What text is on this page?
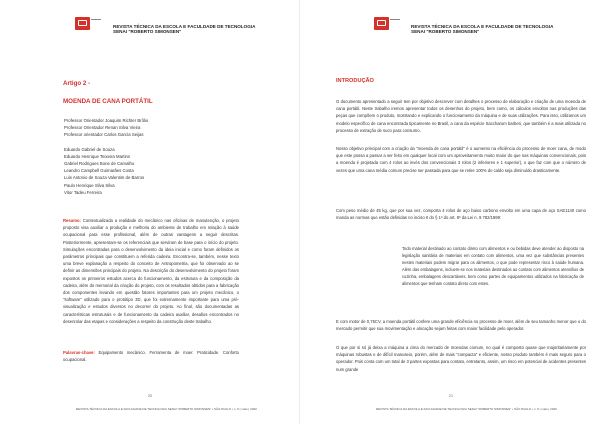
REVISTA TÉCNICA DA ESCOLA E FACULDADE DE TECNOLOGIA
SENAI "ROBERTO SIMONSEN"
Artigo 2 -
MOENDA DE CANA PORTÁTIL
Professor Orientador Joaquim Richter Brôlio
Professor Orientador Renan Silva Vieira
Professor orientador Carlos García Seijas
Eduardo Gabriel de Souza
Eduardo Henrique Teixeira Martins
Gabriel Rodrigues Bone de Carvalho
Leandro Campbell Guimarães Costa
Luis Antonio de Souza Valentim de Barros
Paulo Henrique Silva Silva
Vitor Tadeu Ferreira
Resumo: Contextualizada a realidade do mecânico nas oficinas de manutenção, o projeto proposto visa auxiliar a produção e melhoria do ambiente de trabalho em relação à saúde ocupacional para esse profissional, além de outras vantagens a seguir descritas. Posteriormente, apresentam-se os referenciais que serviram de base para o início do projeto. Simulações encontradas para o desenvolvimento da ideia inicial e como foram definidos os parâmetros principais que constituem a referida cadeira. Encontra-se, também, nesse texto uma breve explanação a respeito do conceito de Antropometria, que foi observado ao se definir as dimensões principais do projeto. Na descrição do desenvolvimento do projeto foram expostos os primeiros estudos acerca do funcionamento, da estrutura e da composição da cadeira, além do memorial da criação do projeto, com os resultados obtidos para a fabricação dos componentes levando em questão fatores importantes para um projeto mecânico, o "software" utilizado para o protótipo 3D, que foi extremamente importante para uma pré-visualização e estudos diversos no decorrer do projeto. Ao final, são documentadas as características estruturais e de funcionamento da cadeira auxiliar, desafios encontrados no desenrolar das etapas e considerações a respeito da construção deste trabalho.
Palavras-chave: Equipamento mecânico. Ferramenta de moer. Praticidade. Conforto ocupacional.
20
REVISTA TÉCNICA DA ESCOLA E FACULDADE DE TECNOLOGIA SENAI "ROBERTO SIMONSEN" • SÃO PAULO • n. 6 | maio | 2020
REVISTA TÉCNICA DA ESCOLA E FACULDADE DE TECNOLOGIA
SENAI "ROBERTO SIMONSEN"
INTRODUÇÃO
O documento apresentado a seguir tem por objetivo descrever com detalhes o processo de elaboração e criação de uma moenda de cana portátil. Neste trabalho iremos apresentar todos os desenhos do projeto, bem como, os cálculos envoltos nas produções das peças que compõem o produto, mostrando e explicando o funcionamento da máquina e de suas utilizações. Para isso, utilizamos um modelo específico de cana encontrada tipicamente no Brasil, a cana da espécie Saccharum barberi, que também é a mais utilizada no processo de extração de suco para consumo.
Nosso objetivo principal com a criação da "moenda de cana portátil" é o aumento na eficiência do processo de moer cana, de modo que este possa a passar a ser feito em qualquer local com um aproveitamento muito maior do que nas máquinas convencionais, pois a moenda é projetada com 4 rolos ao invés dos convencionais 3 rolos (2 inferiores e 1 superior), o que faz com que o número de vezes que uma cana média comum precise ser passada para que se retire 100% do caldo seja diminuído drasticamente.
Com peso médio de 45 kg, que por sua vez, comporta 4 rolos de aço baixo carbono envolto em uma capa de aço SAE1140 como manda as normas que estão definidas no inciso II do § 1º do art. 8º da Lei n. 9.782/1999:
Todo material destinado ao contato direto com alimentos e ou bebidas deve atender ao disposto na legislação sanitária de materiais em contato com alimentos, uma vez que substâncias presentes nestes materiais podem migrar para os alimentos, o que pode representar risco à saúde humana. Além das embalagens, incluem-se nos materiais destinados ao contato com alimentos utensílios de cozinha, embalagens descartáveis, bem como partes de equipamentos utilizados na fabricação de alimentos que tenham contato direto com estes.
E com motor de 0,75CV, a moenda portátil confere uma grande eficiência no processo de moer, além de seu tamanho menor que o do mercado permitir que sua movimentação e alocação sejam feitas com maior facilidade pelo operador.
O que por si só já deixa a máquina a cima do mercado de moendas comum, no qual é composto quase que majoritariamente por máquinas robustas e de difícil manuseio, porém, além de mais "compacta" e eficiente, nosso produto também é mais seguro para o operador. Pois conta com um total de 3 partes expostas para contato, entretanto, assim, um risco em potencial de acidentes presentes num grande
21
REVISTA TÉCNICA DA ESCOLA E FACULDADE DE TECNOLOGIA SENAI "ROBERTO SIMONSEN" • SÃO PAULO • n. 6 | maio | 2020
